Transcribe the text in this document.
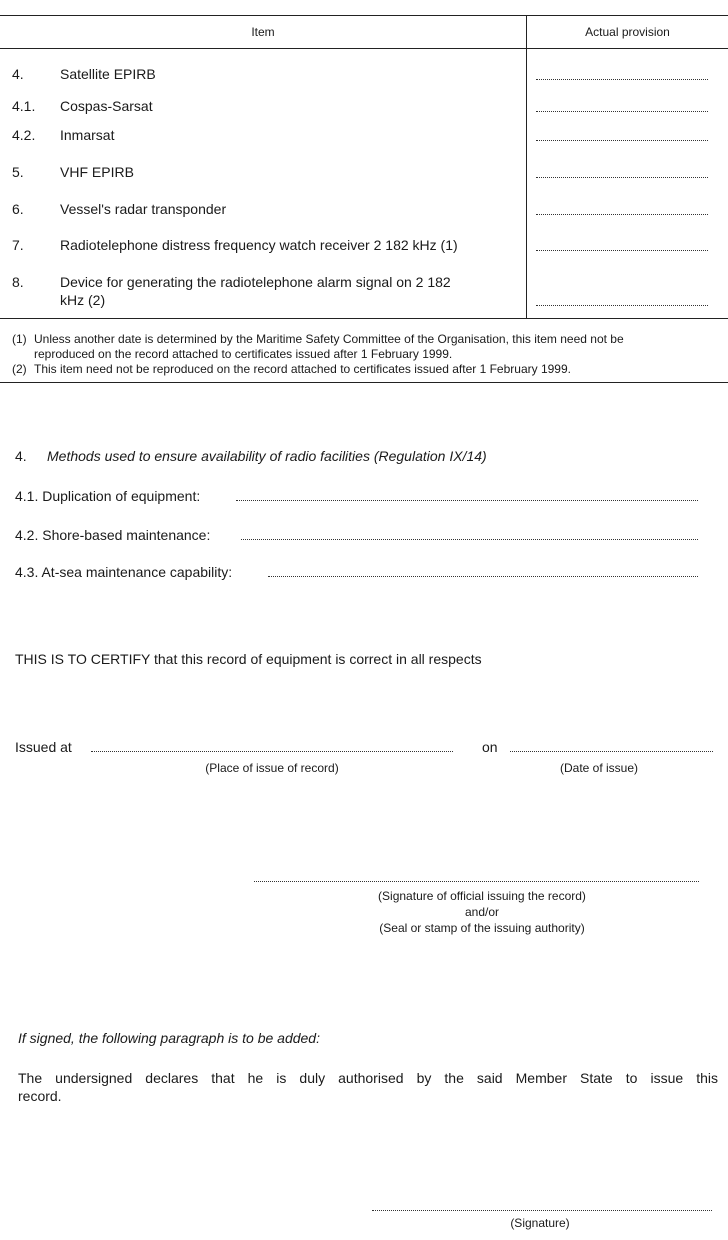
Item	Actual provision
4.	Satellite EPIRB
4.1. Cospas-Sarsat
4.2. Inmarsat
5.	VHF EPIRB
6.	Vessel's radar transponder
7.	Radiotelephone distress frequency watch receiver 2 182 kHz (1)
8.	Device for generating the radiotelephone alarm signal on 2 182
kHz (2)
(1) Unless another date is determined by the Maritime Safety Committee of the Organisation, this item need not be
reproduced on the record attached to certificates issued after 1 February 1999.
(2) This item need not be reproduced on the record attached to certificates issued after 1 February 1999.
4. Methods used to ensure availability of radio facilities (Regulation IX/14)
4.1. Duplication of equipment:
4.2. Shore-based maintenance:
4.3. At-sea maintenance capability:
THIS IS TO CERTIFY that this record of equipment is correct in all respects
Issued at	on
(Place of issue of record)	(Date of issue)
(Signature of official issuing the record)
and/or
(Seal or stamp of the issuing authority)
If signed, the following paragraph is to be added:
The undersigned declares that he is duly authorised by the said Member State to issue this
record.
(Signature)
